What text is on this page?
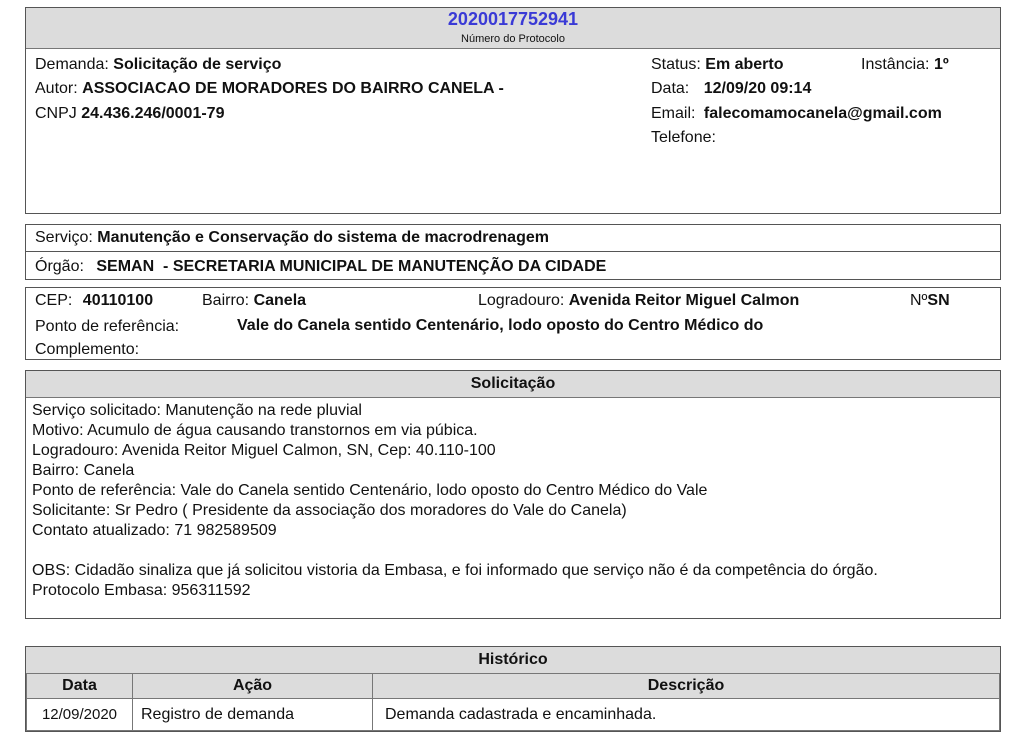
2020017752941
Número do Protocolo
Demanda: Solicitação de serviço
Autor: ASSOCIACAO DE MORADORES DO BAIRRO CANELA -
CNPJ 24.436.246/0001-79
Status: Em aberto	Instância: 1º
Data: 12/09/20 09:14
Email: falecomamocanela@gmail.com
Telefone:
Serviço: Manutenção e Conservação do sistema de macrodrenagem
Órgão: SEMAN  - SECRETARIA MUNICIPAL DE MANUTENÇÃO DA CIDADE
CEP: 40110100	Bairro: Canela	Logradouro: Avenida Reitor Miguel Calmon	NºSN
Ponto de referência:	Vale do Canela sentido Centenário, lodo oposto do Centro Médico do
Complemento:
Solicitação
Serviço solicitado: Manutenção na rede pluvial
Motivo: Acumulo de água causando transtornos em via púbica.
Logradouro: Avenida Reitor Miguel Calmon, SN, Cep: 40.110-100
Bairro: Canela
Ponto de referência: Vale do Canela sentido Centenário, lodo oposto do Centro Médico do Vale
Solicitante: Sr Pedro ( Presidente da associação dos moradores do Vale do Canela)
Contato atualizado: 71 982589509
OBS: Cidadão sinaliza que já solicitou vistoria da Embasa, e foi informado que serviço não é da competência do órgão.
Protocolo Embasa: 956311592
Histórico
Data	Ação	Descrição
12/09/2020	Registro de demanda	Demanda cadastrada e encaminhada.
